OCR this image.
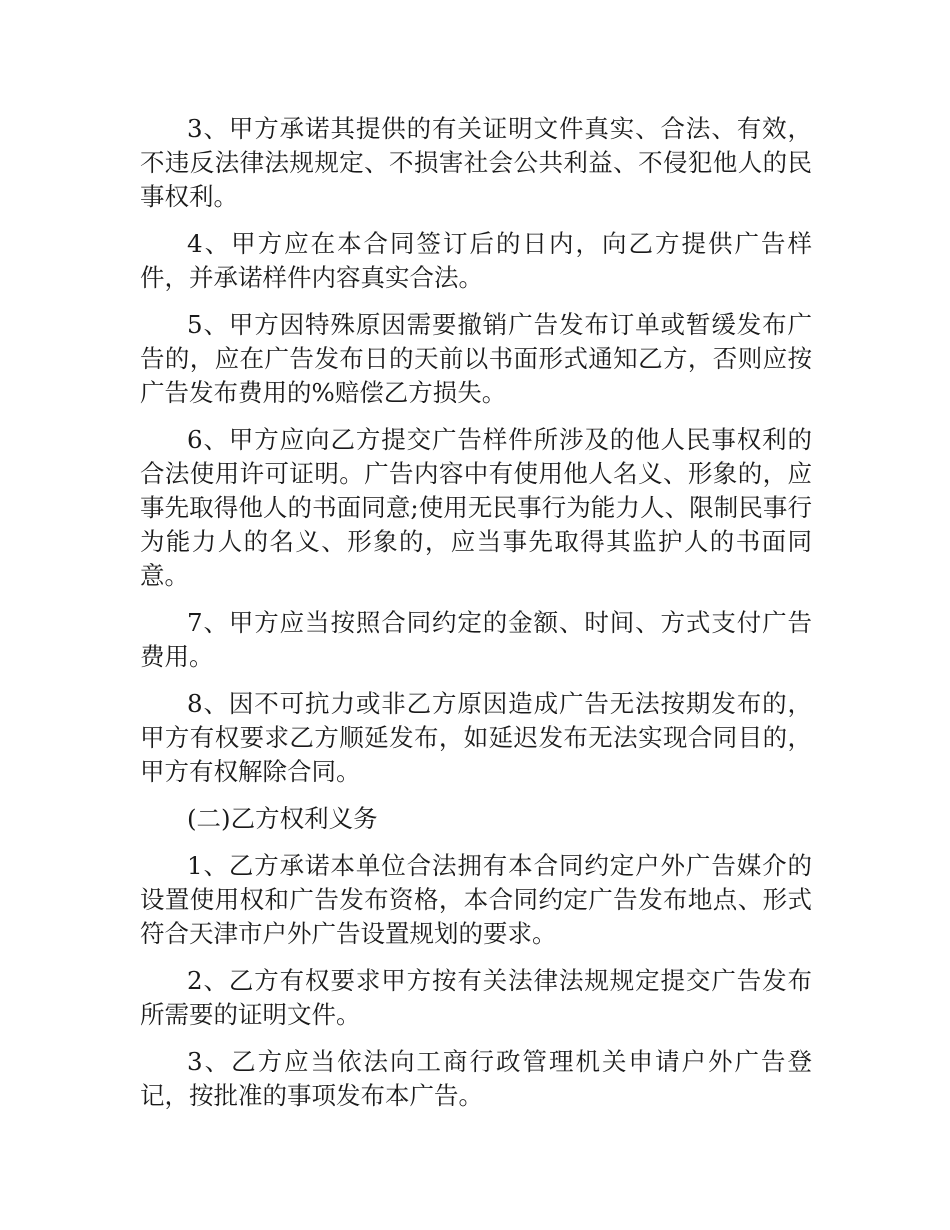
3、甲方承诺其提供的有关证明文件真实、合法、有效，不违反法律法规规定、不损害社会公共利益、不侵犯他人的民事权利。

4、甲方应在本合同签订后的日内，向乙方提供广告样件，并承诺样件内容真实合法。

5、甲方因特殊原因需要撤销广告发布订单或暂缓发布广告的，应在广告发布日的天前以书面形式通知乙方，否则应按广告发布费用的%赔偿乙方损失。

6、甲方应向乙方提交广告样件所涉及的他人民事权利的合法使用许可证明。广告内容中有使用他人名义、形象的，应事先取得他人的书面同意;使用无民事行为能力人、限制民事行为能力人的名义、形象的，应当事先取得其监护人的书面同意。

7、甲方应当按照合同约定的金额、时间、方式支付广告费用。

8、因不可抗力或非乙方原因造成广告无法按期发布的，甲方有权要求乙方顺延发布，如延迟发布无法实现合同目的，甲方有权解除合同。

(二)乙方权利义务

1、乙方承诺本单位合法拥有本合同约定户外广告媒介的设置使用权和广告发布资格，本合同约定广告发布地点、形式符合天津市户外广告设置规划的要求。

2、乙方有权要求甲方按有关法律法规规定提交广告发布所需要的证明文件。

3、乙方应当依法向工商行政管理机关申请户外广告登记，按批准的事项发布本广告。
